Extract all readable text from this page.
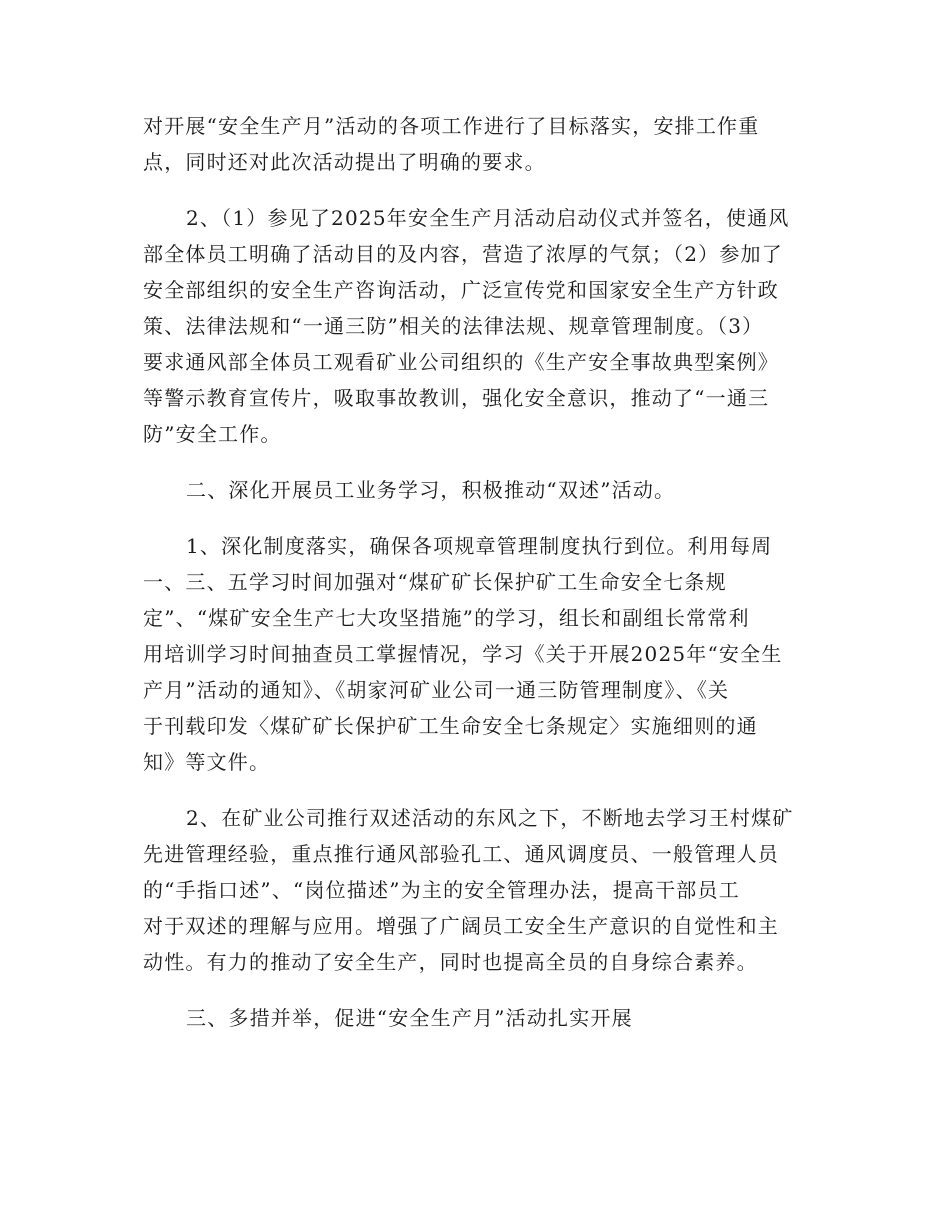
对开展“安全生产月”活动的各项工作进行了目标落实，安排工作重
点，同时还对此次活动提出了明确的要求。
2、（1）参见了2025年安全生产月活动启动仪式并签名，使通风
部全体员工明确了活动目的及内容，营造了浓厚的气氛；（2）参加了
安全部组织的安全生产咨询活动，广泛宣传党和国家安全生产方针政
策、法律法规和“一通三防”相关的法律法规、规章管理制度。（3）
要求通风部全体员工观看矿业公司组织的《生产安全事故典型案例》
等警示教育宣传片，吸取事故教训，强化安全意识，推动了“一通三
防”安全工作。
二、深化开展员工业务学习，积极推动“双述”活动。
1、深化制度落实，确保各项规章管理制度执行到位。利用每周
一、三、五学习时间加强对“煤矿矿长保护矿工生命安全七条规
定”、“煤矿安全生产七大攻坚措施”的学习，组长和副组长常常利
用培训学习时间抽查员工掌握情况，学习《关于开展2025年“安全生
产月”活动的通知》、《胡家河矿业公司一通三防管理制度》、《关
于刊载印发〈煤矿矿长保护矿工生命安全七条规定〉实施细则的通
知》等文件。
2、在矿业公司推行双述活动的东风之下，不断地去学习王村煤矿
先进管理经验，重点推行通风部验孔工、通风调度员、一般管理人员
的“手指口述”、“岗位描述”为主的安全管理办法，提高干部员工
对于双述的理解与应用。增强了广阔员工安全生产意识的自觉性和主
动性。有力的推动了安全生产，同时也提高全员的自身综合素养。
三、多措并举，促进“安全生产月”活动扎实开展
